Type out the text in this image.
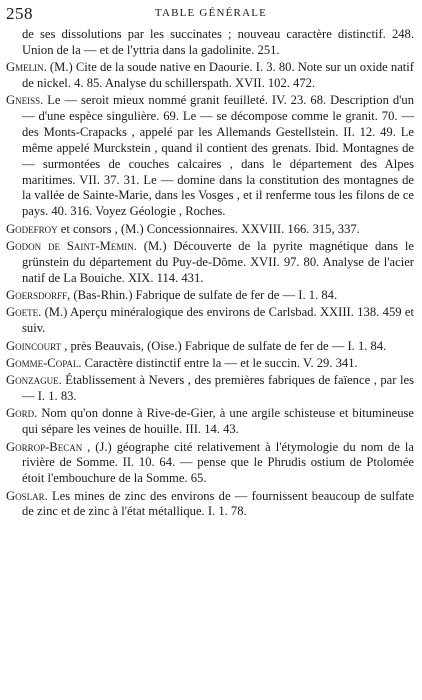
258	TABLE GÉNÉRALE

de ses dissolutions par les succinates ; nouveau caractère distinctif. 248. Union de la — et de l'yttria dans la gadolinite. 251.

Gmelin. (M.) Cite de la soude native en Daourie. I. 3. 80. Note sur un oxide natif de nickel. 4. 85. Analyse du schillerspath. XVII. 102. 472.

Gneiss. Le — seroit mieux nommé granit feuilleté. IV. 23. 68. Description d'un — d'une espèce singulière. 69. Le — se décompose comme le granit. 70. — des Monts-Crapacks , appelé par les Allemands Gestellstein. II. 12. 49. Le même appelé Murckstein , quand il contient des grenats. Ibid. Montagnes de — surmontées de couches calcaires , dans le département des Alpes maritimes. VII. 37. 31. Le — domine dans la constitution des montagnes de la vallée de Sainte-Marie, dans les Vosges , et il renferme tous les filons de ce pays. 40. 316. Voyez Géologie , Roches.

Godefroy et consors , (M.) Concessionnaires. XXVIII. 166. 315, 337.

Godon de Saint-Memin. (M.) Découverte de la pyrite magnétique dans le grünstein du département du Puy-de-Dôme. XVII. 97. 80. Analyse de l'acier natif de La Bouiche. XIX. 114. 431.

Goersdorff, (Bas-Rhin.) Fabrique de sulfate de fer de — I. 1. 84.

Goete. (M.) Aperçu minéralogique des environs de Carlsbad. XXIII. 138. 459 et suiv.

Goincourt , près Beauvais, (Oise.) Fabrique de sulfate de fer de — I. 1. 84.

Gomme-Copal. Caractère distinctif entre la — et le succin. V. 29. 341.

Gonzague. Établissement à Nevers , des premières fabriques de faïence , par les — I. 1. 83.

Gord. Nom qu'on donne à Rive-de-Gier, à une argile schisteuse et bitumineuse qui sépare les veines de houille. III. 14. 43.

Gorrop-Becan , (J.) géographe cité relativement à l'étymologie du nom de la rivière de Somme. II. 10. 64. — pense que le Phrudis ostium de Ptolomée étoit l'embouchure de la Somme. 65.

Goslar. Les mines de zinc des environs de — fournissent beaucoup de sulfate de zinc et de zinc à l'état métallique. I. 1. 78.
